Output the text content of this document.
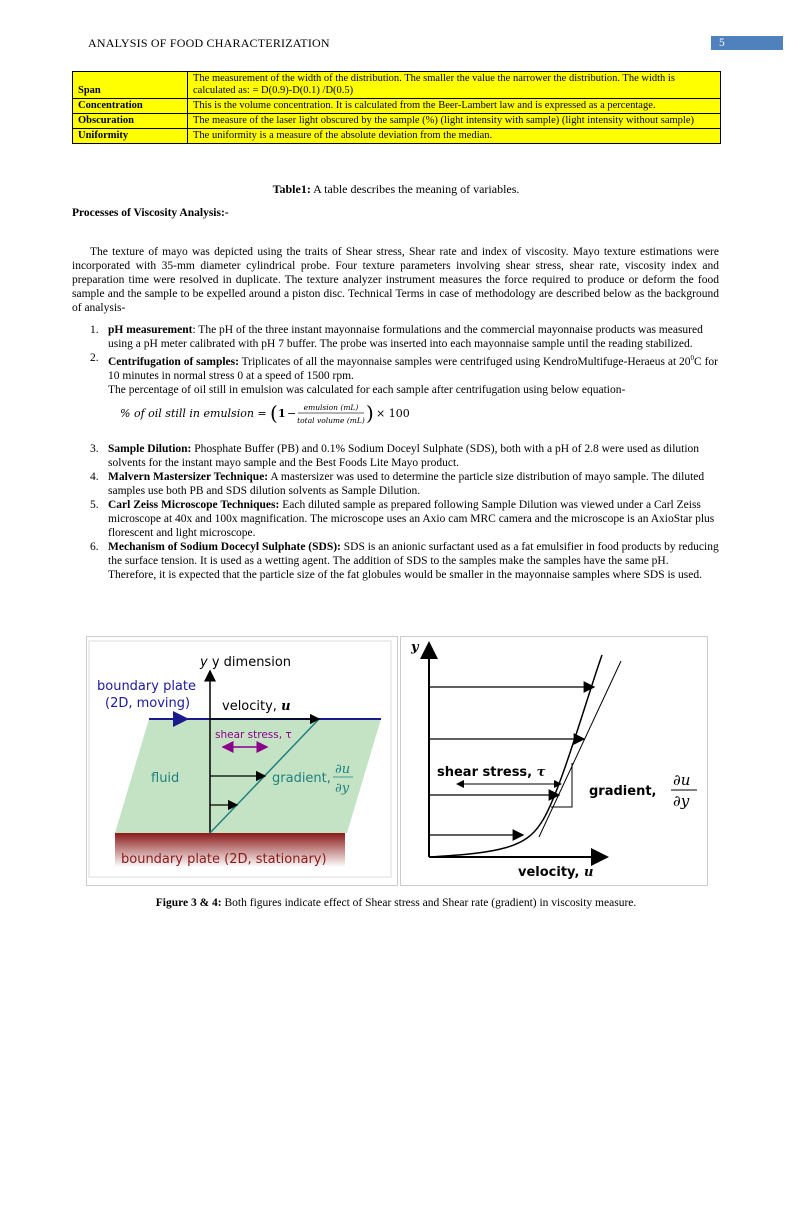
ANALYSIS OF FOOD CHARACTERIZATION	5
Span	The measurement of the width of the distribution. The smaller the value the narrower the distribution. The width is calculated as: = D(0.9)-D(0.1) /D(0.5)
Concentration	This is the volume concentration. It is calculated from the Beer-Lambert law and is expressed as a percentage.
Obscuration	The measure of the laser light obscured by the sample (%) (light intensity with sample) (light intensity without sample)
Uniformity	The uniformity is a measure of the absolute deviation from the median.
Table1: A table describes the meaning of variables.
Processes of Viscosity Analysis:-
The texture of mayo was depicted using the traits of Shear stress, Shear rate and index of viscosity. Mayo texture estimations were incorporated with 35-mm diameter cylindrical probe. Four texture parameters involving shear stress, shear rate, viscosity index and preparation time were resolved in duplicate. The texture analyzer instrument measures the force required to produce or deform the food sample and the sample to be expelled around a piston disc. Technical Terms in case of methodology are described below as the background of analysis-
1. pH measurement: The pH of the three instant mayonnaise formulations and the commercial mayonnaise products was measured using a pH meter calibrated with pH 7 buffer. The probe was inserted into each mayonnaise sample until the reading stabilized.
2. Centrifugation of samples: Triplicates of all the mayonnaise samples were centrifuged using KendroMultifuge-Heraeus at $20^0C$ for 10 minutes in normal stress 0 at a speed of 1500 rpm.
The percentage of oil still in emulsion was calculated for each sample after centrifugation using below equation-
% of oil still in emulsion = ( 1 − emulsion (mL)
total volume (mL) ) × 100
3. Sample Dilution: Phosphate Buffer (PB) and 0.1% Sodium Doceyl Sulphate (SDS), both with a pH of 2.8 were used as dilution solvents for the instant mayo sample and the Best Foods Lite Mayo product.
4. Malvern Mastersizer Technique: A mastersizer was used to determine the particle size distribution of mayo sample. The diluted samples use both PB and SDS dilution solvents as Sample Dilution.
5. Carl Zeiss Microscope Techniques: Each diluted sample as prepared following Sample Dilution was viewed under a Carl Zeiss microscope at 40x and 100x magnification. The microscope uses an Axio cam MRC camera and the microscope is an AxioStar plus florescent and light microscope.
6. Mechanism of Sodium Docecyl Sulphate (SDS): SDS is an anionic surfactant used as a fat emulsifier in food products by reducing the surface tension. It is used as a wetting agent. The addition of SDS to the samples make the samples have the same pH. Therefore, it is expected that the particle size of the fat globules would be smaller in the mayonnaise samples where SDS is used.
y y dimension
boundary plate
(2D, moving) velocity, u
shear stress, τ
fluid	gradient,
∂u
∂y
boundary plate (2D, stationary)
y
shear stress, τ
gradient,
∂u
∂y
velocity, u
Figure 3 & 4: Both figures indicate effect of Shear stress and Shear rate (gradient) in viscosity measure.
